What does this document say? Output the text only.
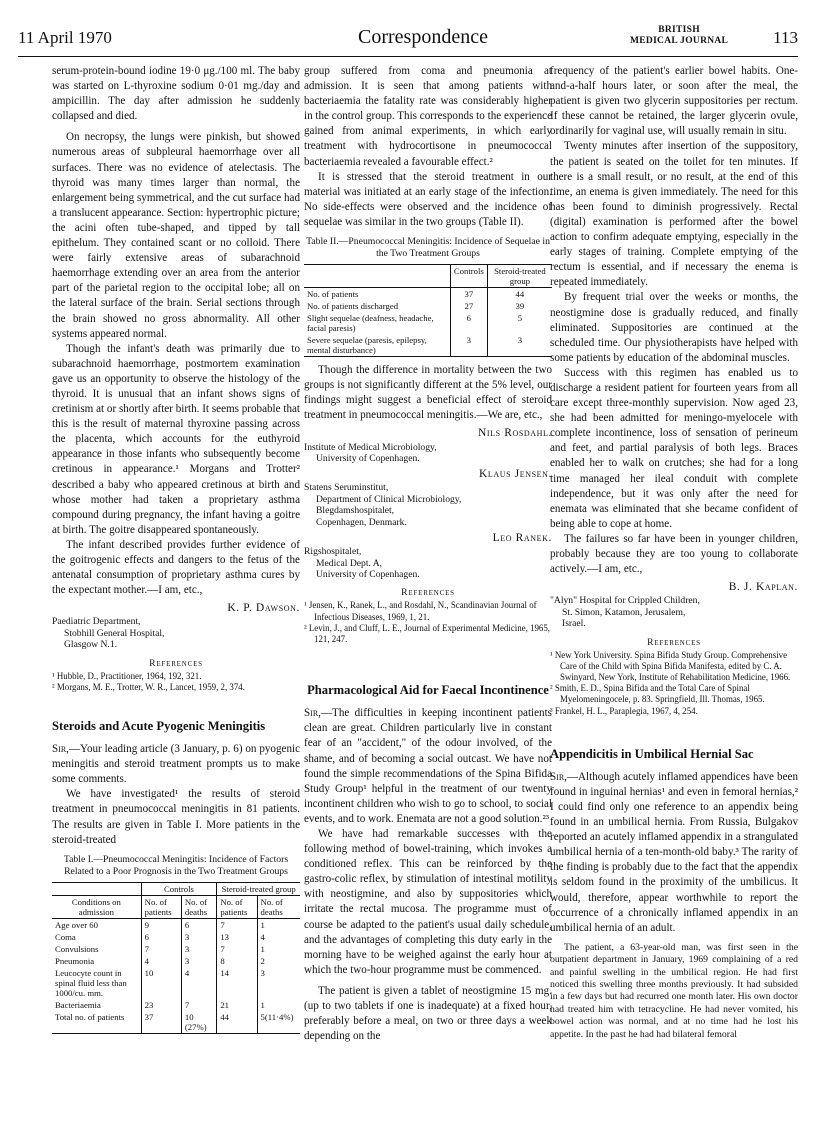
11 April 1970	Correspondence	BRITISH
MEDICAL JOURNAL	113

serum-protein-bound iodine 19·0 μg./100 ml. The baby was started on L-thyroxine sodium 0·01 mg./day and ampicillin. The day after admission he suddenly collapsed and died.

On necropsy, the lungs were pinkish, but showed numerous areas of subpleural haemorrhage over all surfaces. There was no evidence of atelectasis. The thyroid was many times larger than normal, the enlargement being symmetrical, and the cut surface had a translucent appearance. Section: hypertrophic picture; the acini often tube-shaped, and tipped by tall epithelum. They contained scant or no colloid. There were fairly extensive areas of subarachnoid haemorrhage extending over an area from the anterior part of the parietal region to the occipital lobe; all on the lateral surface of the brain. Serial sections through the brain showed no gross abnormality. All other systems appeared normal.

Though the infant's death was primarily due to subarachnoid haemorrhage, postmortem examination gave us an opportunity to observe the histology of the thyroid. It is unusual that an infant shows signs of cretinism at or shortly after birth. It seems probable that this is the result of maternal thyroxine passing across the placenta, which accounts for the euthyroid appearance in those infants who subsequently become cretinous in appearance.¹ Morgans and Trotter² described a baby who appeared cretinous at birth and whose mother had taken a proprietary asthma compound during pregnancy, the infant having a goitre at birth. The goitre disappeared spontaneously.

The infant described provides further evidence of the goitrogenic effects and dangers to the fetus of the antenatal consumption of proprietary asthma cures by the expectant mother.—I am, etc.,

K. P. Dawson.
Paediatric Department,
Stobhill General Hospital,
Glasgow N.1.
References
¹ Hubble, D., Practitioner, 1964, 192, 321.
² Morgans, M. E., Trotter, W. R., Lancet, 1959, 2, 374.
Steroids and Acute Pyogenic Meningitis

Sir,—Your leading article (3 January, p. 6) on pyogenic meningitis and steroid treatment prompts us to make some comments.

We have investigated¹ the results of steroid treatment in pneumococcal meningitis in 81 patients. The results are given in Table I. More patients in the steroid-treated

Table I.—Pneumococcal Meningitis: Incidence of Factors Related to a Poor Prognosis in the Two Treatment Groups
	Controls		Steroid-treated group	
Conditions on admission	No. of patients	No. of deaths	No. of patients	No. of deaths
Age over 60	9	6	7	1
Coma	6	3	13	4
Convulsions	7	3	7	1
Pneumonia	4	3	8	2
Leucocyte count in spinal fluid less than 1000/cu. mm.	10	4	14	3
Bacteriaemia	23	7	21	1
Total no. of patients	37	10 (27%)	44	5(11·4%)

group suffered from coma and pneumonia at admission. It is seen that among patients with bacteriaemia the fatality rate was considerably higher in the control group. This corresponds to the experience gained from animal experiments, in which early treatment with hydrocortisone in pneumococcal bacteriaemia revealed a favourable effect.²

It is stressed that the steroid treatment in our material was initiated at an early stage of the infection. No side-effects were observed and the incidence of sequelae was similar in the two groups (Table II).

Table II.—Pneumococcal Meningitis: Incidence of Sequelae in the Two Treatment Groups
	Controls	Steroid-treated group
No. of patients	37	44
No. of patients discharged	27	39
Slight sequelae (deafness, headache, facial paresis)	6	5
Severe sequelae (paresis, epilepsy, mental disturbance)	3	3

Though the difference in mortality between the two groups is not significantly different at the 5% level, our findings might suggest a beneficial effect of steroid treatment in pneumococcal meningitis.—We are, etc.,

Nils Rosdahl.
Institute of Medical Microbiology,
University of Copenhagen.
Klaus Jensen.
Statens Seruminstitut,
Department of Clinical Microbiology,
Blegdamshospitalet,
Copenhagen, Denmark.
Leo Ranek.
Rigshospitalet,
Medical Dept. A,
University of Copenhagen.
References
¹ Jensen, K., Ranek, L., and Rosdahl, N., Scandinavian Journal of Infectious Diseases, 1969, 1, 21.
² Levin, J., and Cluff, L. E., Journal of Experimental Medicine, 1965, 121, 247.
Pharmacological Aid for Faecal Incontinence

Sir,—The difficulties in keeping incontinent patients clean are great. Children particularly live in constant fear of an "accident," of the odour involved, of the shame, and of becoming a social outcast. We have not found the simple recommendations of the Spina Bifida Study Group¹ helpful in the treatment of our twenty incontinent children who wish to go to school, to social events, and to work. Enemata are not a good solution.²³

We have had remarkable successes with the following method of bowel-training, which invokes a conditioned reflex. This can be reinforced by the gastro-colic reflex, by stimulation of intestinal motility with neostigmine, and also by suppositories which irritate the rectal mucosa. The programme must of course be adapted to the patient's usual daily schedule, and the advantages of completing this duty early in the morning have to be weighed against the early hour at which the two-hour programme must be commenced.

The patient is given a tablet of neostigmine 15 mg. (up to two tablets if one is inadequate) at a fixed hour, preferably before a meal, on two or three days a week depending on the

frequency of the patient's earlier bowel habits. One-and-a-half hours later, or soon after the meal, the patient is given two glycerin suppositories per rectum. If these cannot be retained, the larger glycerin ovule, ordinarily for vaginal use, will usually remain in situ.

Twenty minutes after insertion of the suppository, the patient is seated on the toilet for ten minutes. If there is a small result, or no result, at the end of this time, an enema is given immediately. The need for this has been found to diminish progressively. Rectal (digital) examination is performed after the bowel action to confirm adequate emptying, especially in the early stages of training. Complete emptying of the rectum is essential, and if necessary the enema is repeated immediately.

By frequent trial over the weeks or months, the neostigmine dose is gradually reduced, and finally eliminated. Suppositories are continued at the scheduled time. Our physiotherapists have helped with some patients by education of the abdominal muscles.

Success with this regimen has enabled us to discharge a resident patient for fourteen years from all care except three-monthly supervision. Now aged 23, she had been admitted for meningo-myelocele with complete incontinence, loss of sensation of perineum and feet, and partial paralysis of both legs. Braces enabled her to walk on crutches; she had for a long time managed her ileal conduit with complete independence, but it was only after the need for enemata was eliminated that she became confident of being able to cope at home.

The failures so far have been in younger children, probably because they are too young to collaborate actively.—I am, etc.,

B. J. Kaplan.
"Alyn" Hospital for Crippled Children,
St. Simon, Katamon, Jerusalem,
Israel.
References
¹ New York University. Spina Bifida Study Group. Comprehensive Care of the Child with Spina Bifida Manifesta, edited by C. A. Swinyard, New York, Institute of Rehabilitation Medicine, 1966.
² Smith, E. D., Spina Bifida and the Total Care of Spinal Myelomeningocele, p. 83. Springfield, Ill. Thomas, 1965.
³ Frankel, H. L., Paraplegia, 1967, 4, 254.
Appendicitis in Umbilical Hernial Sac

Sir,—Although acutely inflamed appendices have been found in inguinal hernias¹ and even in femoral hernias,² I could find only one reference to an appendix being found in an umbilical hernia. From Russia, Bulgakov reported an acutely inflamed appendix in a strangulated umbilical hernia of a ten-month-old baby.³ The rarity of the finding is probably due to the fact that the appendix is seldom found in the proximity of the umbilicus. It would, therefore, appear worthwhile to report the occurrence of a chronically inflamed appendix in an umbilical hernia of an adult.

The patient, a 63-year-old man, was first seen in the outpatient department in January, 1969 complaining of a red and painful swelling in the umbilical region. He had first noticed this swelling three months previously. It had subsided in a few days but had recurred one month later. His own doctor had treated him with tetracycline. He had never vomited, his bowel action was normal, and at no time had he lost his appetite. In the past he had had bilateral femoral
